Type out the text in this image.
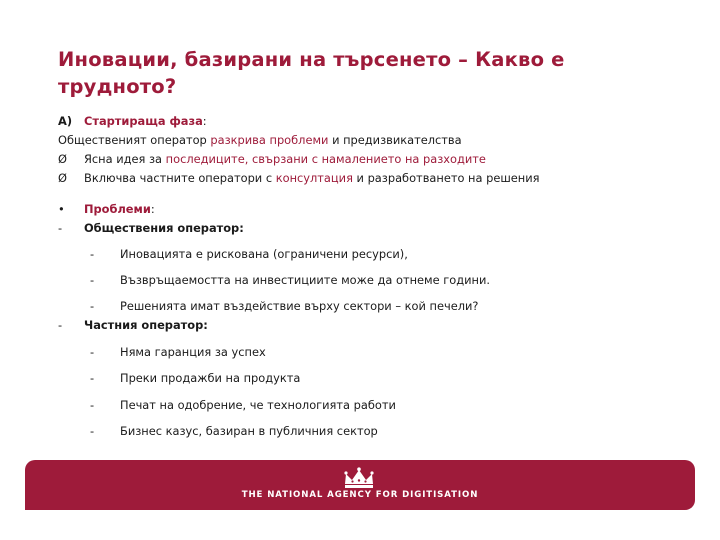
Иновации, базирани на търсенето – Какво е трудното?
A) Стартираща фаза:
Общественият оператор разкрива проблеми и предизвикателства
Ø Ясна идея за последиците, свързани с намалението на разходите
Ø Включва частните оператори с консултация и разработването на решения
• Проблеми:
- Обществения оператор:
- Иновацията е рискована (ограничени ресурси),
- Възвръщаемостта на инвестициите може да отнеме години.
- Решенията имат въздействие върху сектори – кой печели?
- Частния оператор:
- Няма гаранция за успех
- Преки продажби на продукта
- Печат на одобрение, че технологията работи
- Бизнес казус, базиран в публичния сектор
THE NATIONAL AGENCY FOR DIGITISATION
